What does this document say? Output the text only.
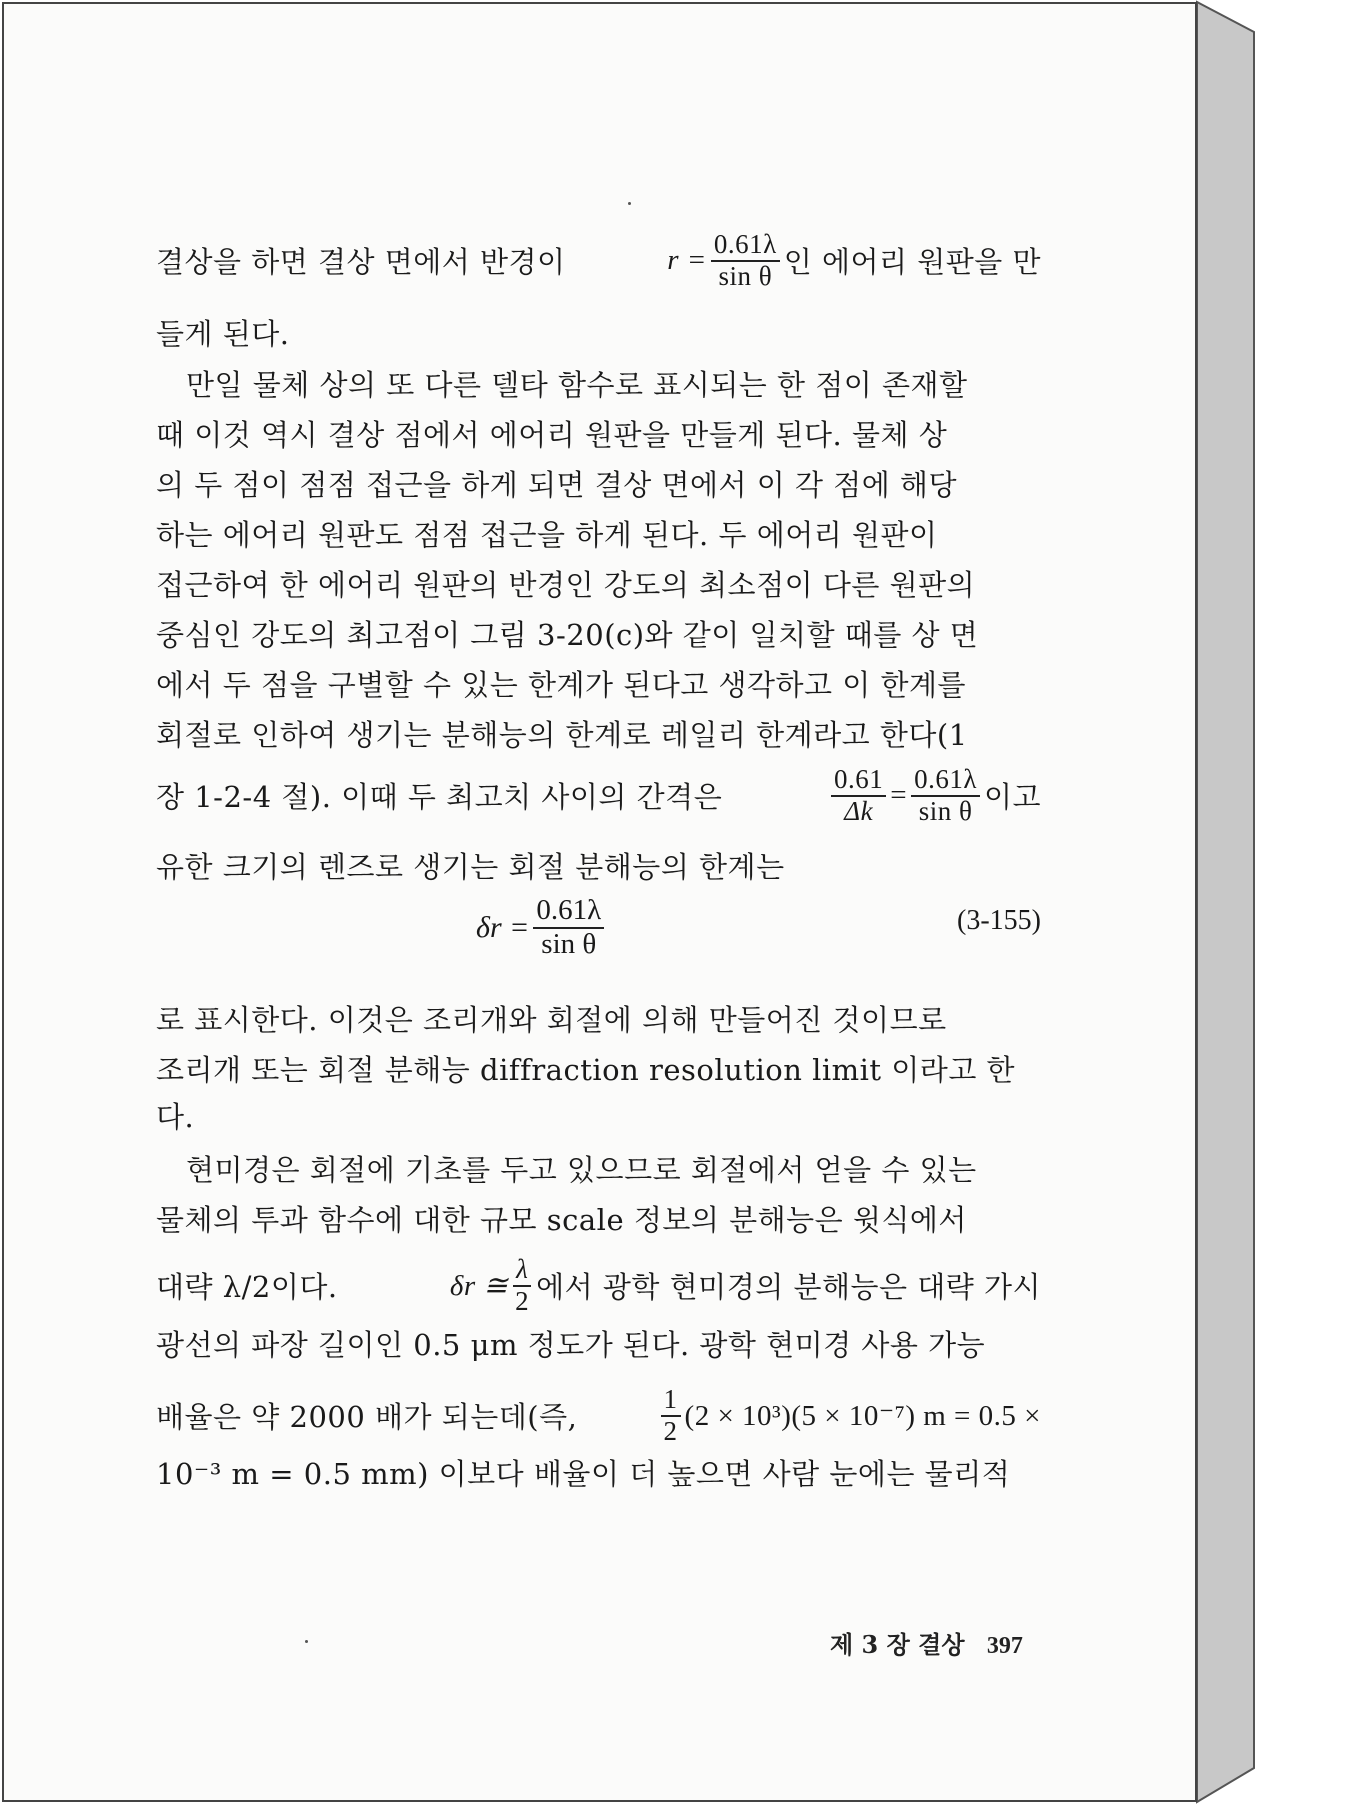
결상을 하면 결상 면에서 반경이	$r = \frac{0.61\lambda}{\text{sin θ}}$ 인 에어리 원판을 만
들게 된다.
만일 물체 상의 또 다른 델타 함수로 표시되는 한 점이 존재할
때 이것 역시 결상 점에서 에어리 원판을 만들게 된다. 물체 상
의 두 점이 점점 접근을 하게 되면 결상 면에서 이 각 점에 해당
하는 에어리 원판도 점점 접근을 하게 된다. 두 에어리 원판이
접근하여 한 에어리 원판의 반경인 강도의 최소점이 다른 원판의
중심인 강도의 최고점이 그림 3-20(c)와 같이 일치할 때를 상 면
에서 두 점을 구별할 수 있는 한계가 된다고 생각하고 이 한계를
회절로 인하여 생기는 분해능의 한계로 레일리 한계라고 한다(1
장 1-2-4 절). 이때 두 최고치 사이의 간격은	$\frac{0.61}{\Delta k} = \frac{0.61\lambda}{\text{sin θ}}$ 이고
유한 크기의 렌즈로 생기는 회절 분해능의 한계는
$\delta r = \frac{0.61\lambda}{\text{sin θ}}$	(3-155)
로 표시한다. 이것은 조리개와 회절에 의해 만들어진 것이므로
조리개 또는 회절 분해능 diffraction resolution limit 이라고 한
다.
현미경은 회절에 기초를 두고 있으므로 회절에서 얻을 수 있는
물체의 투과 함수에 대한 규모 scale 정보의 분해능은 윗식에서
대략 λ/2이다.	δr ≅ $\frac{\lambda}{2}$ 에서 광학 현미경의 분해능은 대략 가시
광선의 파장 길이인 0.5 μm 정도가 된다. 광학 현미경 사용 가능
배율은 약 2000 배가 되는데(즉,	$\frac{1}{2} (2 \times 10^3)(5 \times 10^{-7}) m = 0.5$ ×
10⁻³ m = 0.5 mm) 이보다 배율이 더 높으면 사람 눈에는 물리적
제 3 장 결상 397
